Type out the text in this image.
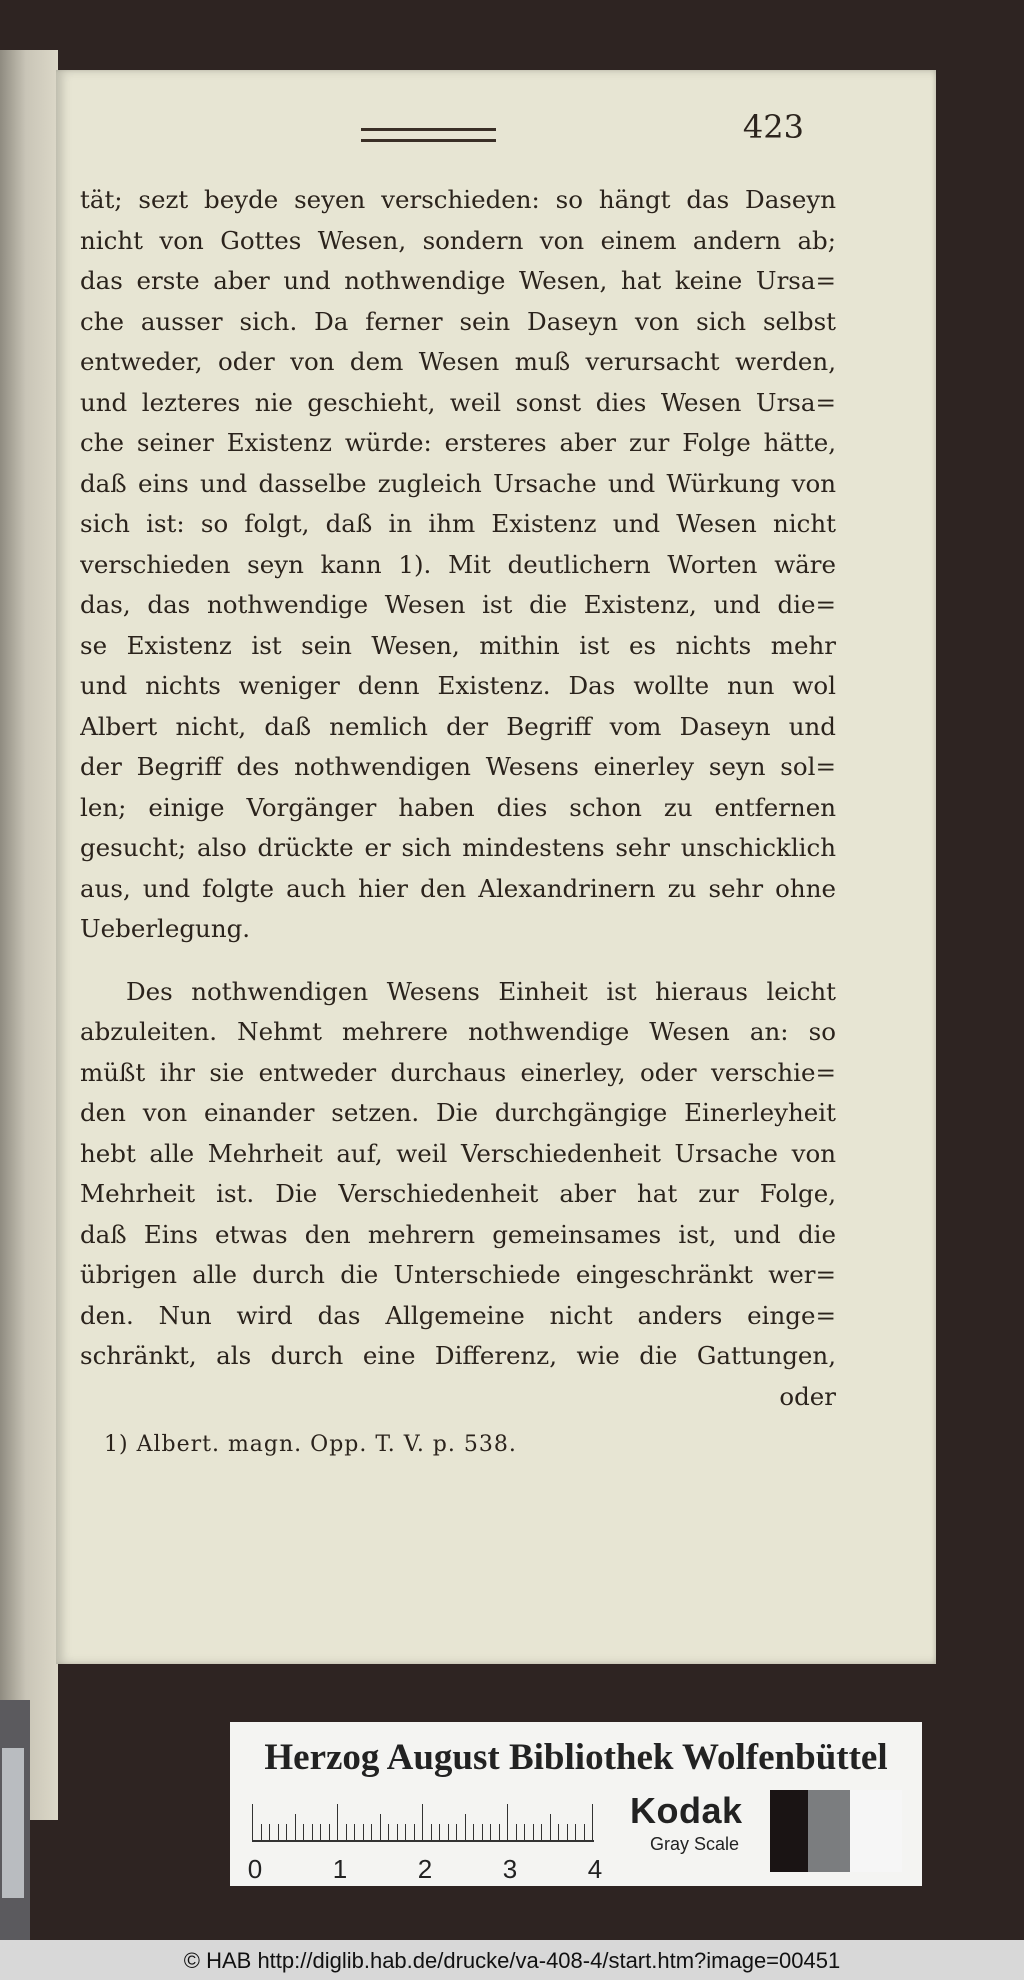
423
tät; sezt beyde seyen verschieden: so hängt das Daseyn
nicht von Gottes Wesen, sondern von einem andern ab;
das erste aber und nothwendige Wesen, hat keine Ursa=
che ausser sich. Da ferner sein Daseyn von sich selbst
entweder, oder von dem Wesen muß verursacht werden,
und lezteres nie geschieht, weil sonst dies Wesen Ursa=
che seiner Existenz würde: ersteres aber zur Folge hätte,
daß eins und dasselbe zugleich Ursache und Würkung von
sich ist: so folgt, daß in ihm Existenz und Wesen nicht
verschieden seyn kann 1). Mit deutlichern Worten wäre
das, das nothwendige Wesen ist die Existenz, und die=
se Existenz ist sein Wesen, mithin ist es nichts mehr
und nichts weniger denn Existenz. Das wollte nun wol
Albert nicht, daß nemlich der Begriff vom Daseyn und
der Begriff des nothwendigen Wesens einerley seyn sol=
len; einige Vorgänger haben dies schon zu entfernen
gesucht; also drückte er sich mindestens sehr unschicklich
aus, und folgte auch hier den Alexandrinern zu sehr ohne
Ueberlegung.
Des nothwendigen Wesens Einheit ist hieraus leicht
abzuleiten. Nehmt mehrere nothwendige Wesen an: so
müßt ihr sie entweder durchaus einerley, oder verschie=
den von einander setzen. Die durchgängige Einerleyheit
hebt alle Mehrheit auf, weil Verschiedenheit Ursache von
Mehrheit ist. Die Verschiedenheit aber hat zur Folge,
daß Eins etwas den mehrern gemeinsames ist, und die
übrigen alle durch die Unterschiede eingeschränkt wer=
den. Nun wird das Allgemeine nicht anders einge=
schränkt, als durch eine Differenz, wie die Gattungen,
oder
1) Albert. magn. Opp. T. V. p. 538.
Herzog August Bibliothek Wolfenbüttel
0	1	2	3	4
Kodak
Gray Scale
© HAB http://diglib.hab.de/drucke/va-408-4/start.htm?image=00451
